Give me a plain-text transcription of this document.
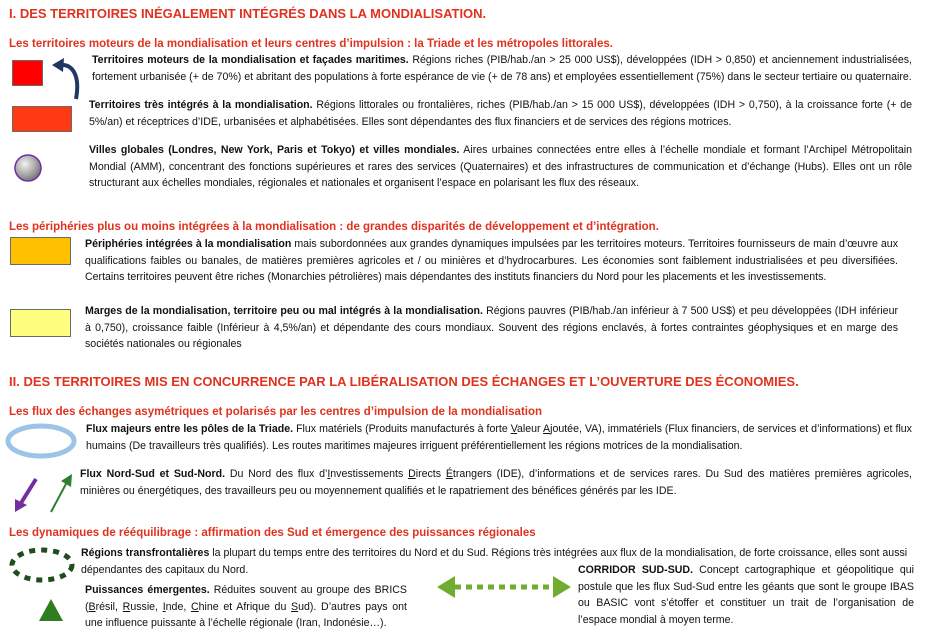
I. DES TERRITOIRES INÉGALEMENT INTÉGRÉS DANS LA MONDIALISATION.
Les territoires moteurs de la mondialisation et leurs centres d’impulsion : la Triade et les métropoles littorales.
Territoires moteurs de la mondialisation et façades maritimes. Régions riches (PIB/hab./an > 25 000 US$), développées (IDH > 0,850) et anciennement industrialisées, fortement urbanisée (+ de 70%) et abritant des populations à forte espérance de vie (+ de 78 ans) et employées essentiellement (75%) dans le secteur tertiaire ou quaternaire.
Territoires très intégrés à la mondialisation. Régions littorales ou frontalières, riches (PIB/hab./an > 15 000 US$), développées (IDH > 0,750), à la croissance forte (+ de 5%/an) et réceptrices d’IDE, urbanisées et alphabétisées. Elles sont dépendantes des flux financiers et de services des régions motrices.
Villes globales (Londres, New York, Paris et Tokyo) et villes mondiales. Aires urbaines connectées entre elles à l’échelle mondiale et formant l’Archipel Métropolitain Mondial (AMM), concentrant des fonctions supérieures et rares des services (Quaternaires) et des infrastructures de communication et d’échange (Hubs). Elles ont un rôle structurant aux échelles mondiales, régionales et nationales et organisent l’espace en polarisant les flux des réseaux.
Les périphéries plus ou moins intégrées à la mondialisation : de grandes disparités de développement et d’intégration.
Périphéries intégrées à la mondialisation mais subordonnées aux grandes dynamiques impulsées par les territoires moteurs. Territoires fournisseurs de main d’œuvre aux qualifications faibles ou banales, de matières premières agricoles et / ou minières et d’hydrocarbures. Les économies sont faiblement industrialisées et peu diversifiées. Certains territoires peuvent être riches (Monarchies pétrolières) mais dépendantes des instituts financiers du Nord pour les placements et les investissements.
Marges de la mondialisation, territoire peu ou mal intégrés à la mondialisation. Régions pauvres (PIB/hab./an inférieur à 7 500 US$) et peu développées (IDH inférieur à 0,750), croissance faible (Inférieur à 4,5%/an) et dépendante des cours mondiaux. Souvent des régions enclavés, à fortes contraintes géophysiques et en marge des sociétés nationales ou régionales
II. DES TERRITOIRES MIS EN CONCURRENCE PAR LA LIBÉRALISATION DES ÉCHANGES ET L’OUVERTURE DES ÉCONOMIES.
Les flux des échanges asymétriques et polarisés par les centres d’impulsion de la mondialisation
Flux majeurs entre les pôles de la Triade. Flux matériels (Produits manufacturés à forte Valeur Ajoutée, VA), immatériels (Flux financiers, de services et d’informations) et flux humains (De travailleurs très qualifiés). Les routes maritimes majeures irriguent préférentiellement les régions motrices de la mondialisation.
Flux Nord-Sud et Sud-Nord. Du Nord des flux d’Investissements Directs Étrangers (IDE), d’informations et de services rares. Du Sud des matières premières agricoles, minières ou énergétiques, des travailleurs peu ou moyennement qualifiés et le rapatriement des bénéfices générés par les IDE.
Les dynamiques de rééquilibrage : affirmation des Sud et émergence des puissances régionales
Régions transfrontalières la plupart du temps entre des territoires du Nord et du Sud. Régions très intégrées aux flux de la mondialisation, de forte croissance, elles sont aussi dépendantes des capitaux du Nord.
Puissances émergentes. Réduites souvent au groupe des BRICS (Brésil, Russie, Inde, Chine et Afrique du Sud). D’autres pays ont une influence puissante à l’échelle régionale (Iran, Indonésie…).
CORRIDOR SUD-SUD. Concept cartographique et géopolitique qui postule que les flux Sud-Sud entre les géants que sont le groupe IBAS ou BASIC vont s’étoffer et constituer un trait de l’organisation de l’espace mondial à moyen terme.
